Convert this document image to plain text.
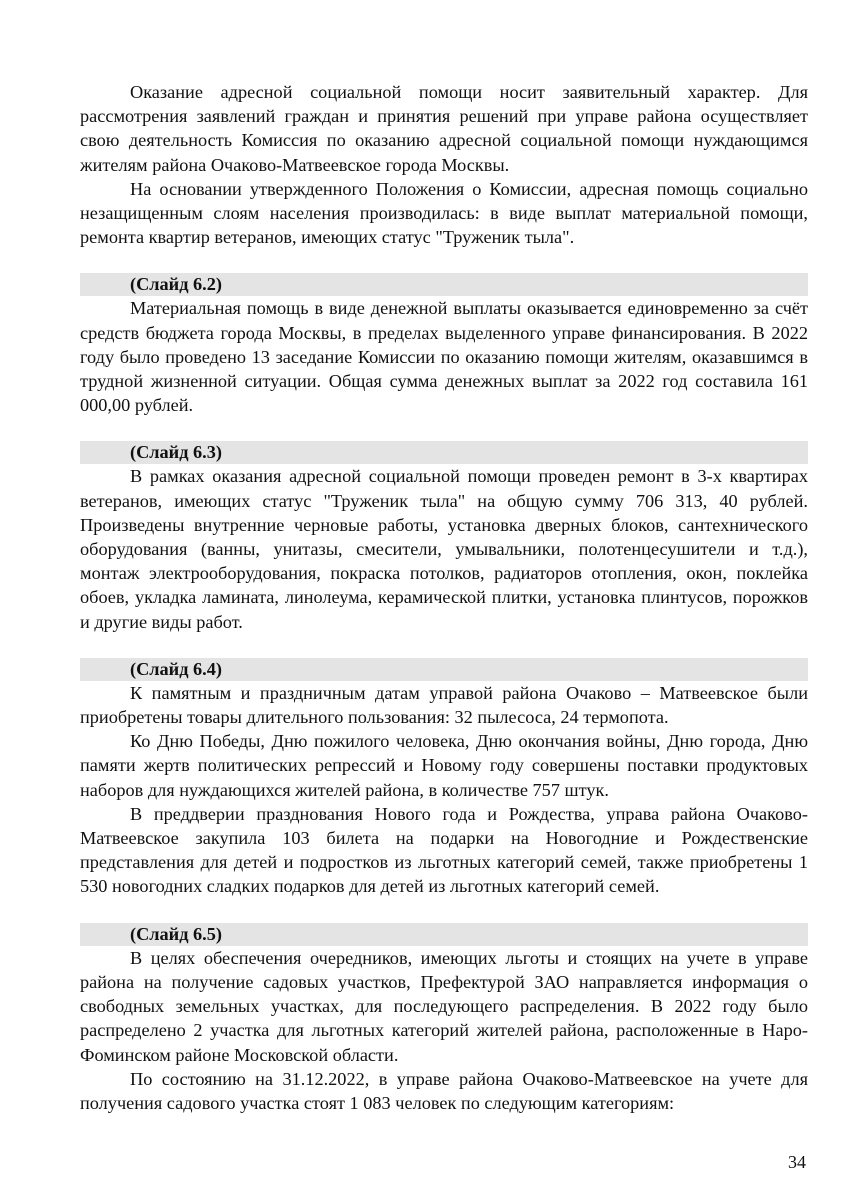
Оказание адресной социальной помощи носит заявительный характер. Для рассмотрения заявлений граждан и принятия решений при управе района осуществляет свою деятельность Комиссия по оказанию адресной социальной помощи нуждающимся жителям района Очаково-Матвеевское города Москвы.

На основании утвержденного Положения о Комиссии, адресная помощь социально незащищенным слоям населения производилась: в виде выплат материальной помощи, ремонта квартир ветеранов, имеющих статус "Труженик тыла".

(Слайд 6.2)

Материальная помощь в виде денежной выплаты оказывается единовременно за счёт средств бюджета города Москвы, в пределах выделенного управе финансирования. В 2022 году было проведено 13 заседание Комиссии по оказанию помощи жителям, оказавшимся в трудной жизненной ситуации. Общая сумма денежных выплат за 2022 год составила 161 000,00 рублей.

(Слайд 6.3)

В рамках оказания адресной социальной помощи проведен ремонт в 3-х квартирах ветеранов, имеющих статус "Труженик тыла" на общую сумму 706 313, 40 рублей. Произведены внутренние черновые работы, установка дверных блоков, сантехнического оборудования (ванны, унитазы, смесители, умывальники, полотенцесушители и т.д.), монтаж электрооборудования, покраска потолков, радиаторов отопления, окон, поклейка обоев, укладка ламината, линолеума, керамической плитки, установка плинтусов, порожков и другие виды работ.

(Слайд 6.4)

К памятным и праздничным датам управой района Очаково – Матвеевское были приобретены товары длительного пользования: 32 пылесоса, 24 термопота.

Ко Дню Победы, Дню пожилого человека, Дню окончания войны, Дню города, Дню памяти жертв политических репрессий и Новому году совершены поставки продуктовых наборов для нуждающихся жителей района, в количестве 757 штук.

В преддверии празднования Нового года и Рождества, управа района Очаково-Матвеевское закупила 103 билета на подарки на Новогодние и Рождественские представления для детей и подростков из льготных категорий семей, также приобретены 1 530 новогодних сладких подарков для детей из льготных категорий семей.

(Слайд 6.5)

В целях обеспечения очередников, имеющих льготы и стоящих на учете в управе района на получение садовых участков, Префектурой ЗАО направляется информация о свободных земельных участках, для последующего распределения. В 2022 году было распределено 2 участка для льготных категорий жителей района, расположенные в Наро-Фоминском районе Московской области.

По состоянию на 31.12.2022, в управе района Очаково-Матвеевское на учете для получения садового участка стоят 1 083 человек по следующим категориям:

34
